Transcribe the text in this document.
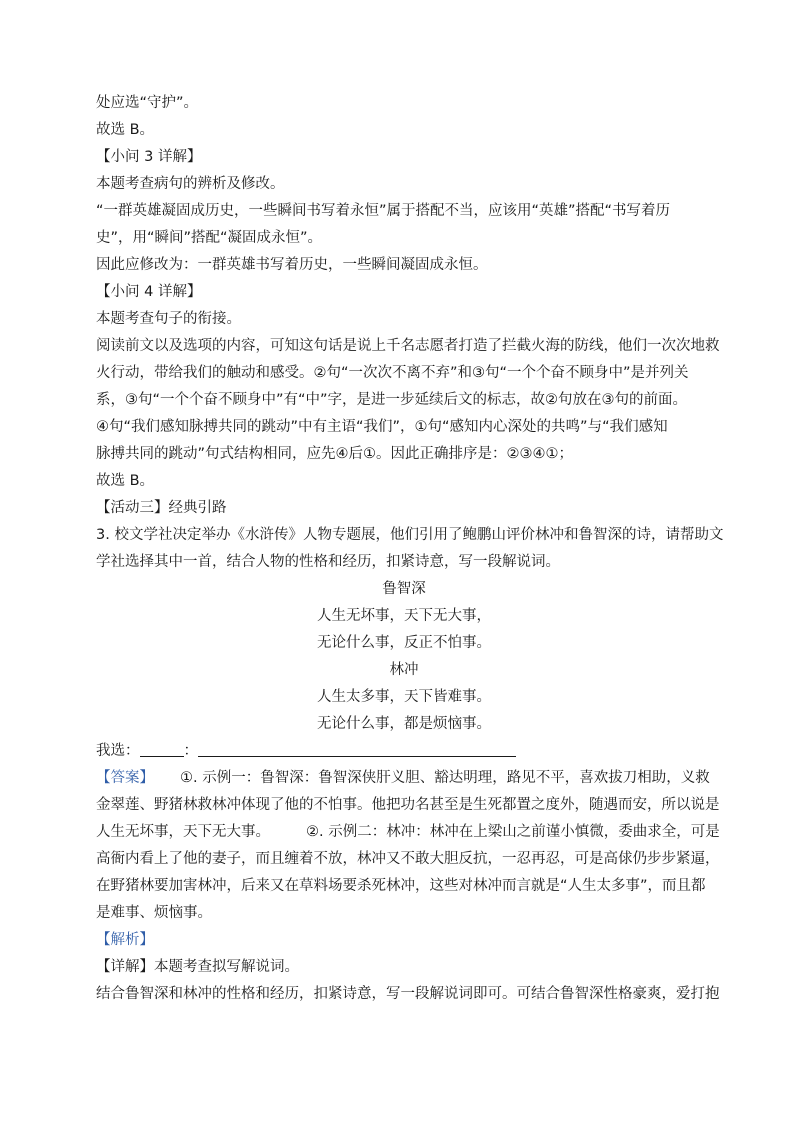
处应选“守护”。

故选 B。

【小问 3 详解】

本题考查病句的辨析及修改。

“一群英雄凝固成历史，一些瞬间书写着永恒”属于搭配不当，应该用“英雄”搭配“书写着历

史”，用“瞬间”搭配“凝固成永恒”。

因此应修改为：一群英雄书写着历史，一些瞬间凝固成永恒。

【小问 4 详解】

本题考查句子的衔接。

阅读前文以及选项的内容，可知这句话是说上千名志愿者打造了拦截火海的防线，他们一次次地救

火行动，带给我们的触动和感受。②句“一次次不离不弃”和③句“一个个奋不顾身中”是并列关

系，③句“一个个奋不顾身中”有“中”字，是进一步延续后文的标志，故②句放在③句的前面。

④句“我们感知脉搏共同的跳动”中有主语“我们”，①句“感知内心深处的共鸣”与“我们感知

脉搏共同的跳动”句式结构相同，应先④后①。因此正确排序是：②③④①；

故选 B。

【活动三】经典引路

3. 校文学社决定举办《水浒传》人物专题展，他们引用了鲍鹏山评价林冲和鲁智深的诗，请帮助文

学社选择其中一首，结合人物的性格和经历，扣紧诗意，写一段解说词。

鲁智深

人生无坏事，天下无大事，

无论什么事，反正不怕事。

林冲

人生太多事，天下皆难事。

无论什么事，都是烦恼事。

我选：	：

【答案】 ①. 示例一：鲁智深：鲁智深侠肝义胆、豁达明理，路见不平，喜欢拔刀相助，义救

金翠莲、野猪林救林冲体现了他的不怕事。他把功名甚至是生死都置之度外，随遇而安，所以说是

人生无坏事，天下无大事。 ②. 示例二：林冲：林冲在上梁山之前谨小慎微，委曲求全，可是

高衙内看上了他的妻子，而且缠着不放，林冲又不敢大胆反抗，一忍再忍，可是高俅仍步步紧逼，

在野猪林要加害林冲，后来又在草料场要杀死林冲，这些对林冲而言就是“人生太多事”，而且都

是难事、烦恼事。

【解析】

【详解】本题考查拟写解说词。

结合鲁智深和林冲的性格和经历，扣紧诗意，写一段解说词即可。可结合鲁智深性格豪爽，爱打抱
